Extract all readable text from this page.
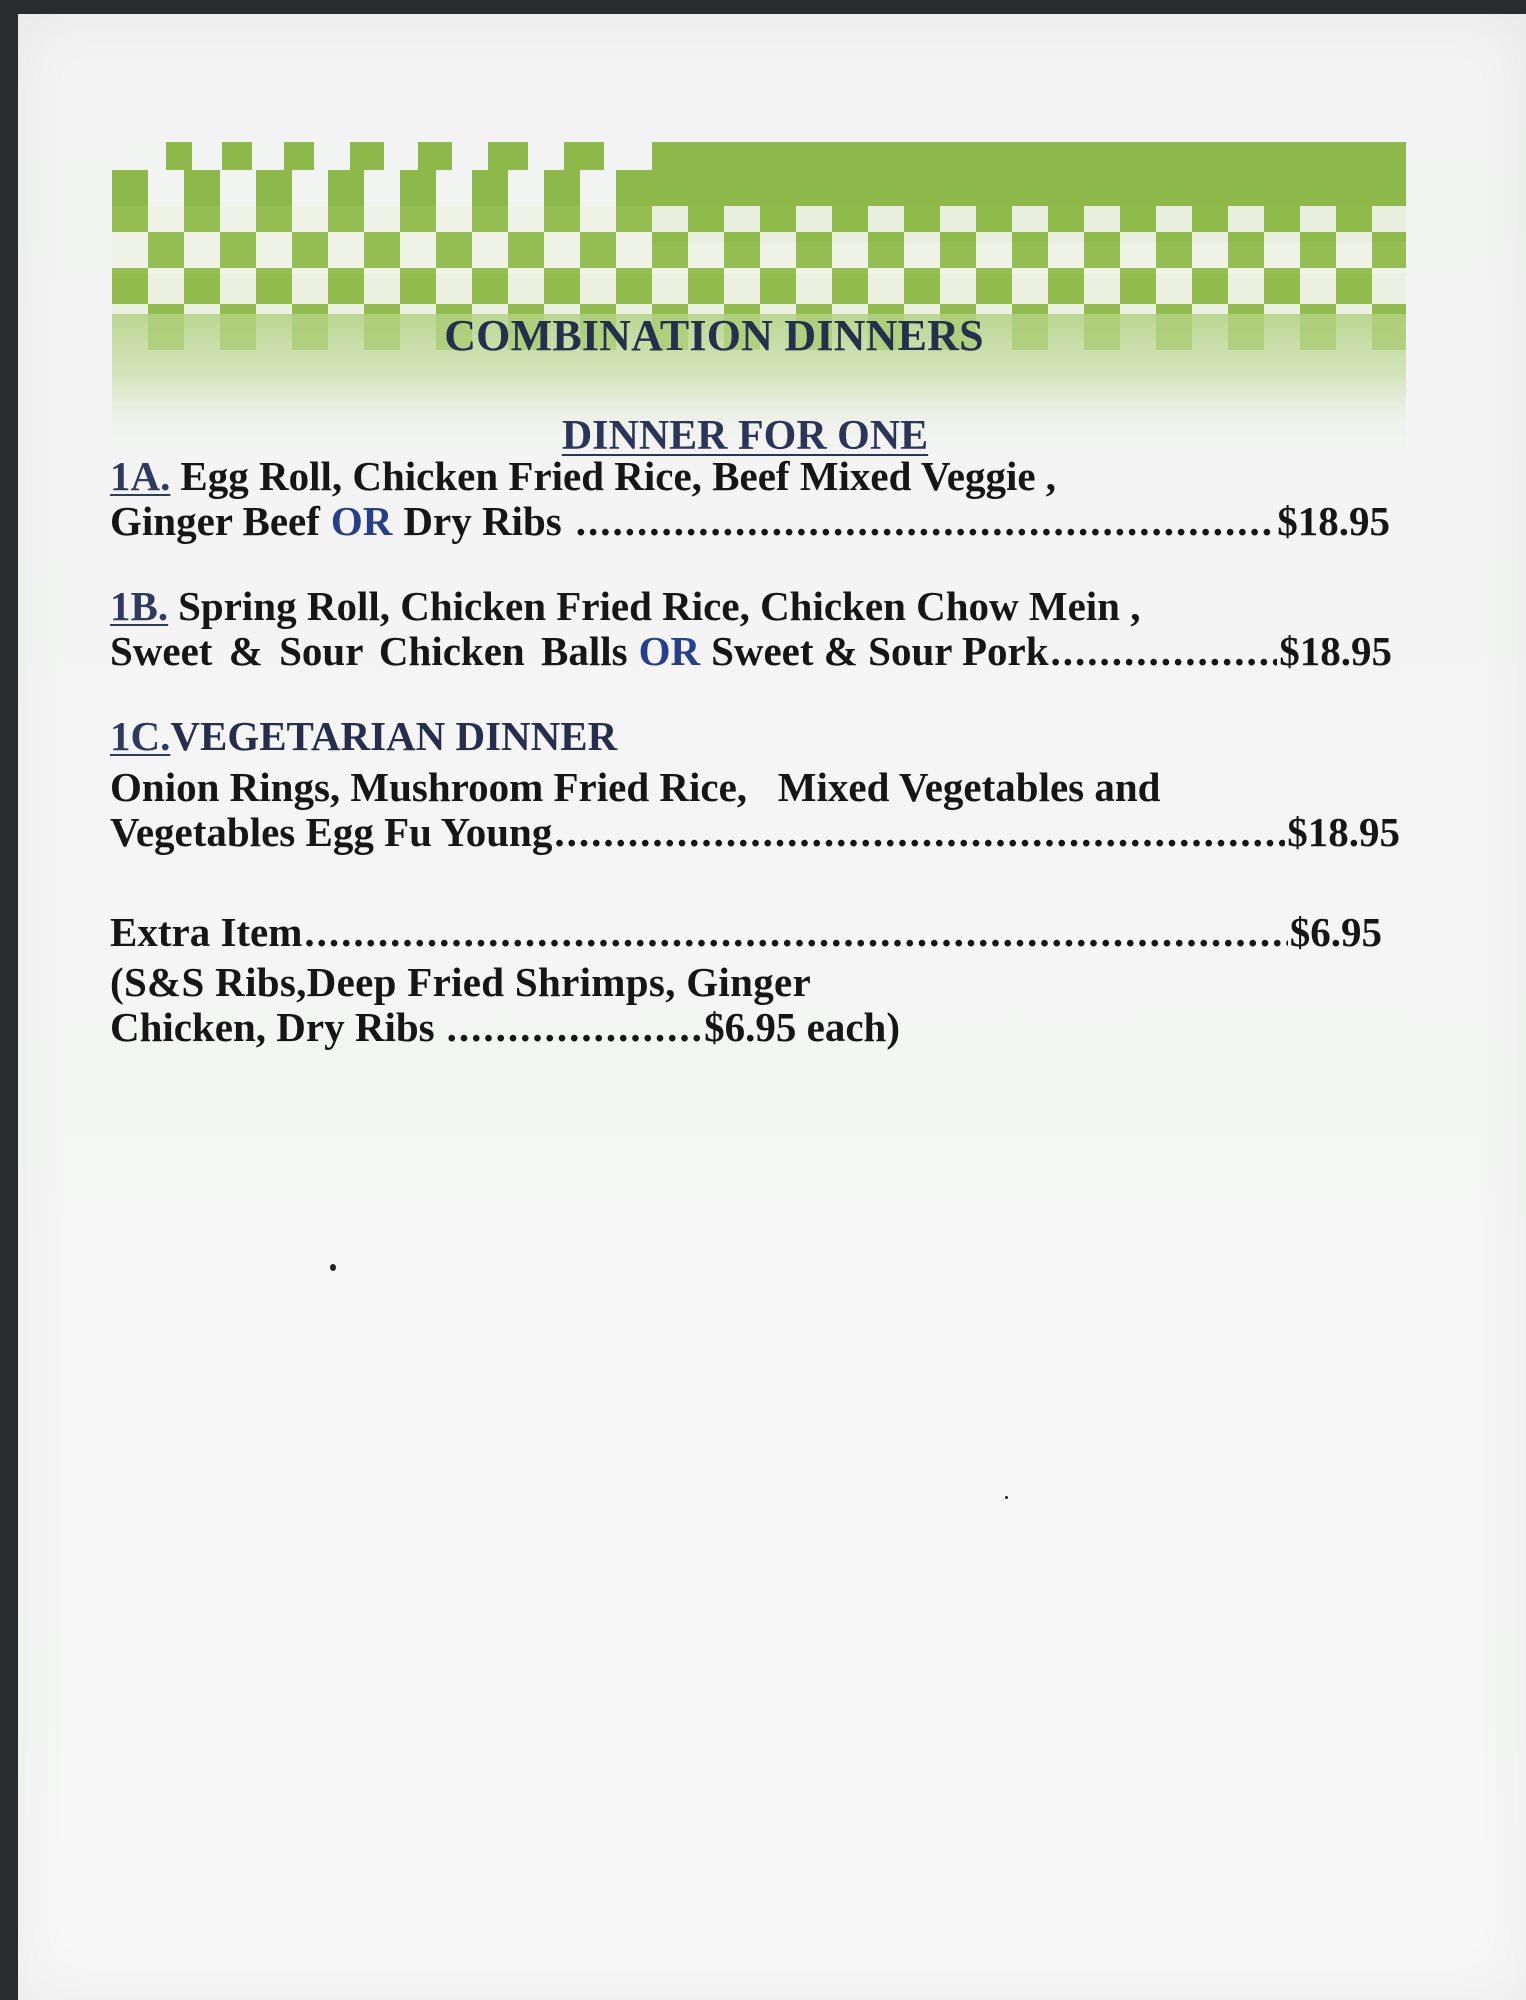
COMBINATION DINNERS
DINNER FOR ONE
1A. Egg Roll, Chicken Fried Rice, Beef Mixed Veggie ,
Ginger Beef OR Dry Ribs .....	$18.95
1B. Spring Roll, Chicken Fried Rice, Chicken Chow Mein ,
Sweet & Sour Chicken Balls OR Sweet & Sour Pork .....	$18.95
1C. VEGETARIAN DINNER
Onion Rings, Mushroom Fried Rice,   Mixed Vegetables and
Vegetables Egg Fu Young .....	$18.95
Extra Item .....	$6.95
(S&S Ribs,Deep Fried Shrimps, Ginger
Chicken, Dry Ribs .....	$6.95 each)
